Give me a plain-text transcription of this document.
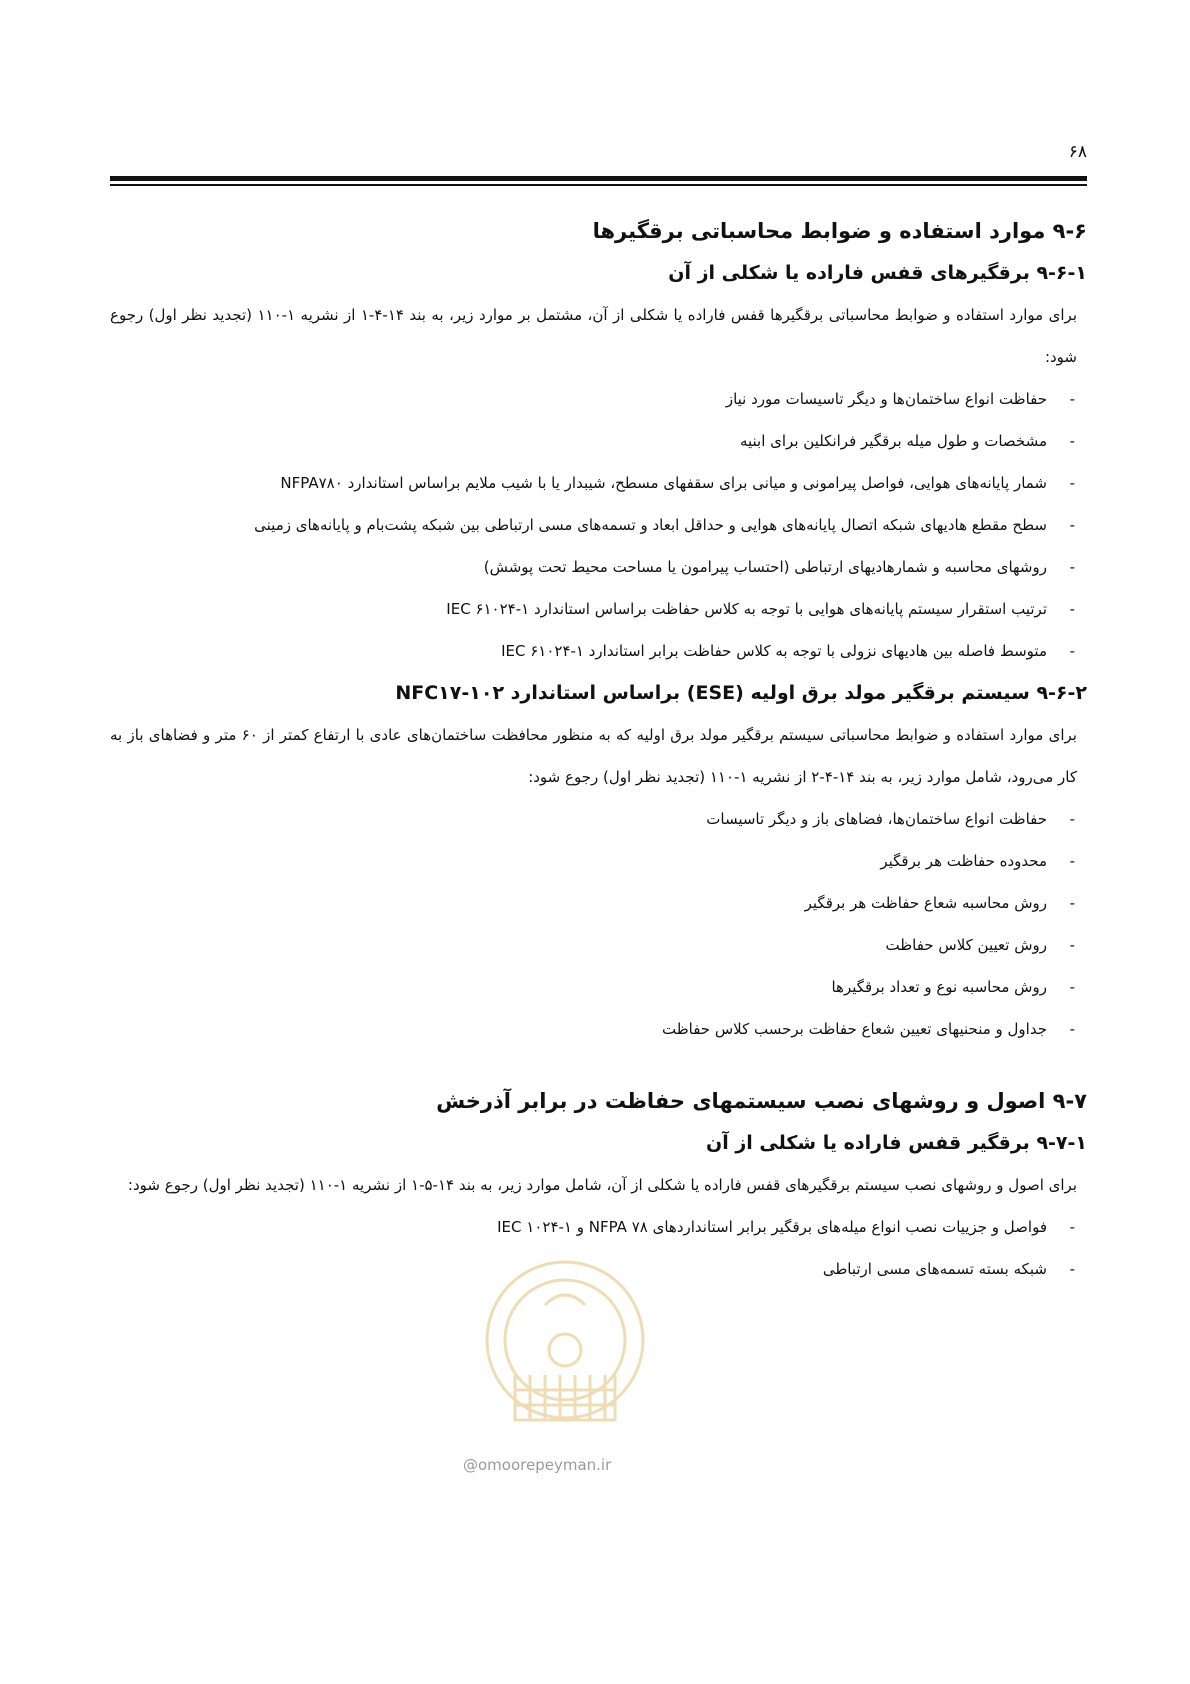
۶۸
۹-۶ موارد استفاده و ضوابط محاسباتی برقگیرها
۹-۶-۱ برقگیرهای قفس فاراده یا شکلی از آن

برای موارد استفاده و ضوابط محاسباتی برقگیرها قفس فاراده یا شکلی از آن، مشتمل بر موارد زیر، به بند ۱۴-۴-۱ از نشریه ۱-۱۱۰ (تجدید نظر اول) رجوع شود:

-
حفاظت انواع ساختمان‌ها و دیگر تاسیسات مورد نیاز
-
مشخصات و طول میله برقگیر فرانکلین برای ابنیه
-
شمار پایانه‌های هوایی، فواصل پیرامونی و میانی برای سقفهای مسطح، شیبدار یا با شیب ملایم براساس استاندارد NFPA۷۸۰
-
سطح مقطع هادیهای شبکه اتصال پایانه‌های هوایی و حداقل ابعاد و تسمه‌های مسی ارتباطی بین شبکه پشت‌بام و پایانه‌های زمینی
-
روشهای محاسبه و شمارهادیهای ارتباطی (احتساب پیرامون یا مساحت محیط تحت پوشش)
-
ترتیب استقرار سیستم پایانه‌های هوایی با توجه به کلاس حفاظت براساس استاندارد IEC ۶۱۰۲۴-۱
-
متوسط فاصله بین هادیهای نزولی با توجه به کلاس حفاظت برابر استاندارد IEC ۶۱۰۲۴-۱
۹-۶-۲ سیستم برقگیر مولد برق اولیه (ESE) براساس استاندارد NFC۱۷-۱۰۲

برای موارد استفاده و ضوابط محاسباتی سیستم برقگیر مولد برق اولیه که به منظور محافظت ساختمان‌های عادی با ارتفاع کمتر از ۶۰ متر و فضاهای باز به کار می‌رود، شامل موارد زیر، به بند ۱۴-۴-۲ از نشریه ۱-۱۱۰ (تجدید نظر اول) رجوع شود:

-
حفاظت انواع ساختمان‌ها، فضاهای باز و دیگر تاسیسات
-
محدوده حفاظت هر برقگیر
-
روش محاسبه شعاع حفاظت هر برقگیر
-
روش تعیین کلاس حفاظت
-
روش محاسبه نوع و تعداد برقگیرها
-
جداول و منحنیهای تعیین شعاع حفاظت برحسب کلاس حفاظت
۹-۷ اصول و روشهای نصب سیستمهای حفاظت در برابر آذرخش
۹-۷-۱ برقگیر قفس فاراده یا شکلی از آن

برای اصول و روشهای نصب سیستم برقگیرهای قفس فاراده یا شکلی از آن، شامل موارد زیر، به بند ۱۴-۵-۱ از نشریه ۱-۱۱۰ (تجدید نظر اول) رجوع شود:

-
فواصل و جزییات نصب انواع میله‌های برقگیر برابر استانداردهای NFPA ۷۸ و IEC ۱۰۲۴-۱
-
شبکه بسته تسمه‌های مسی ارتباطی
@omoorepeyman.ir
